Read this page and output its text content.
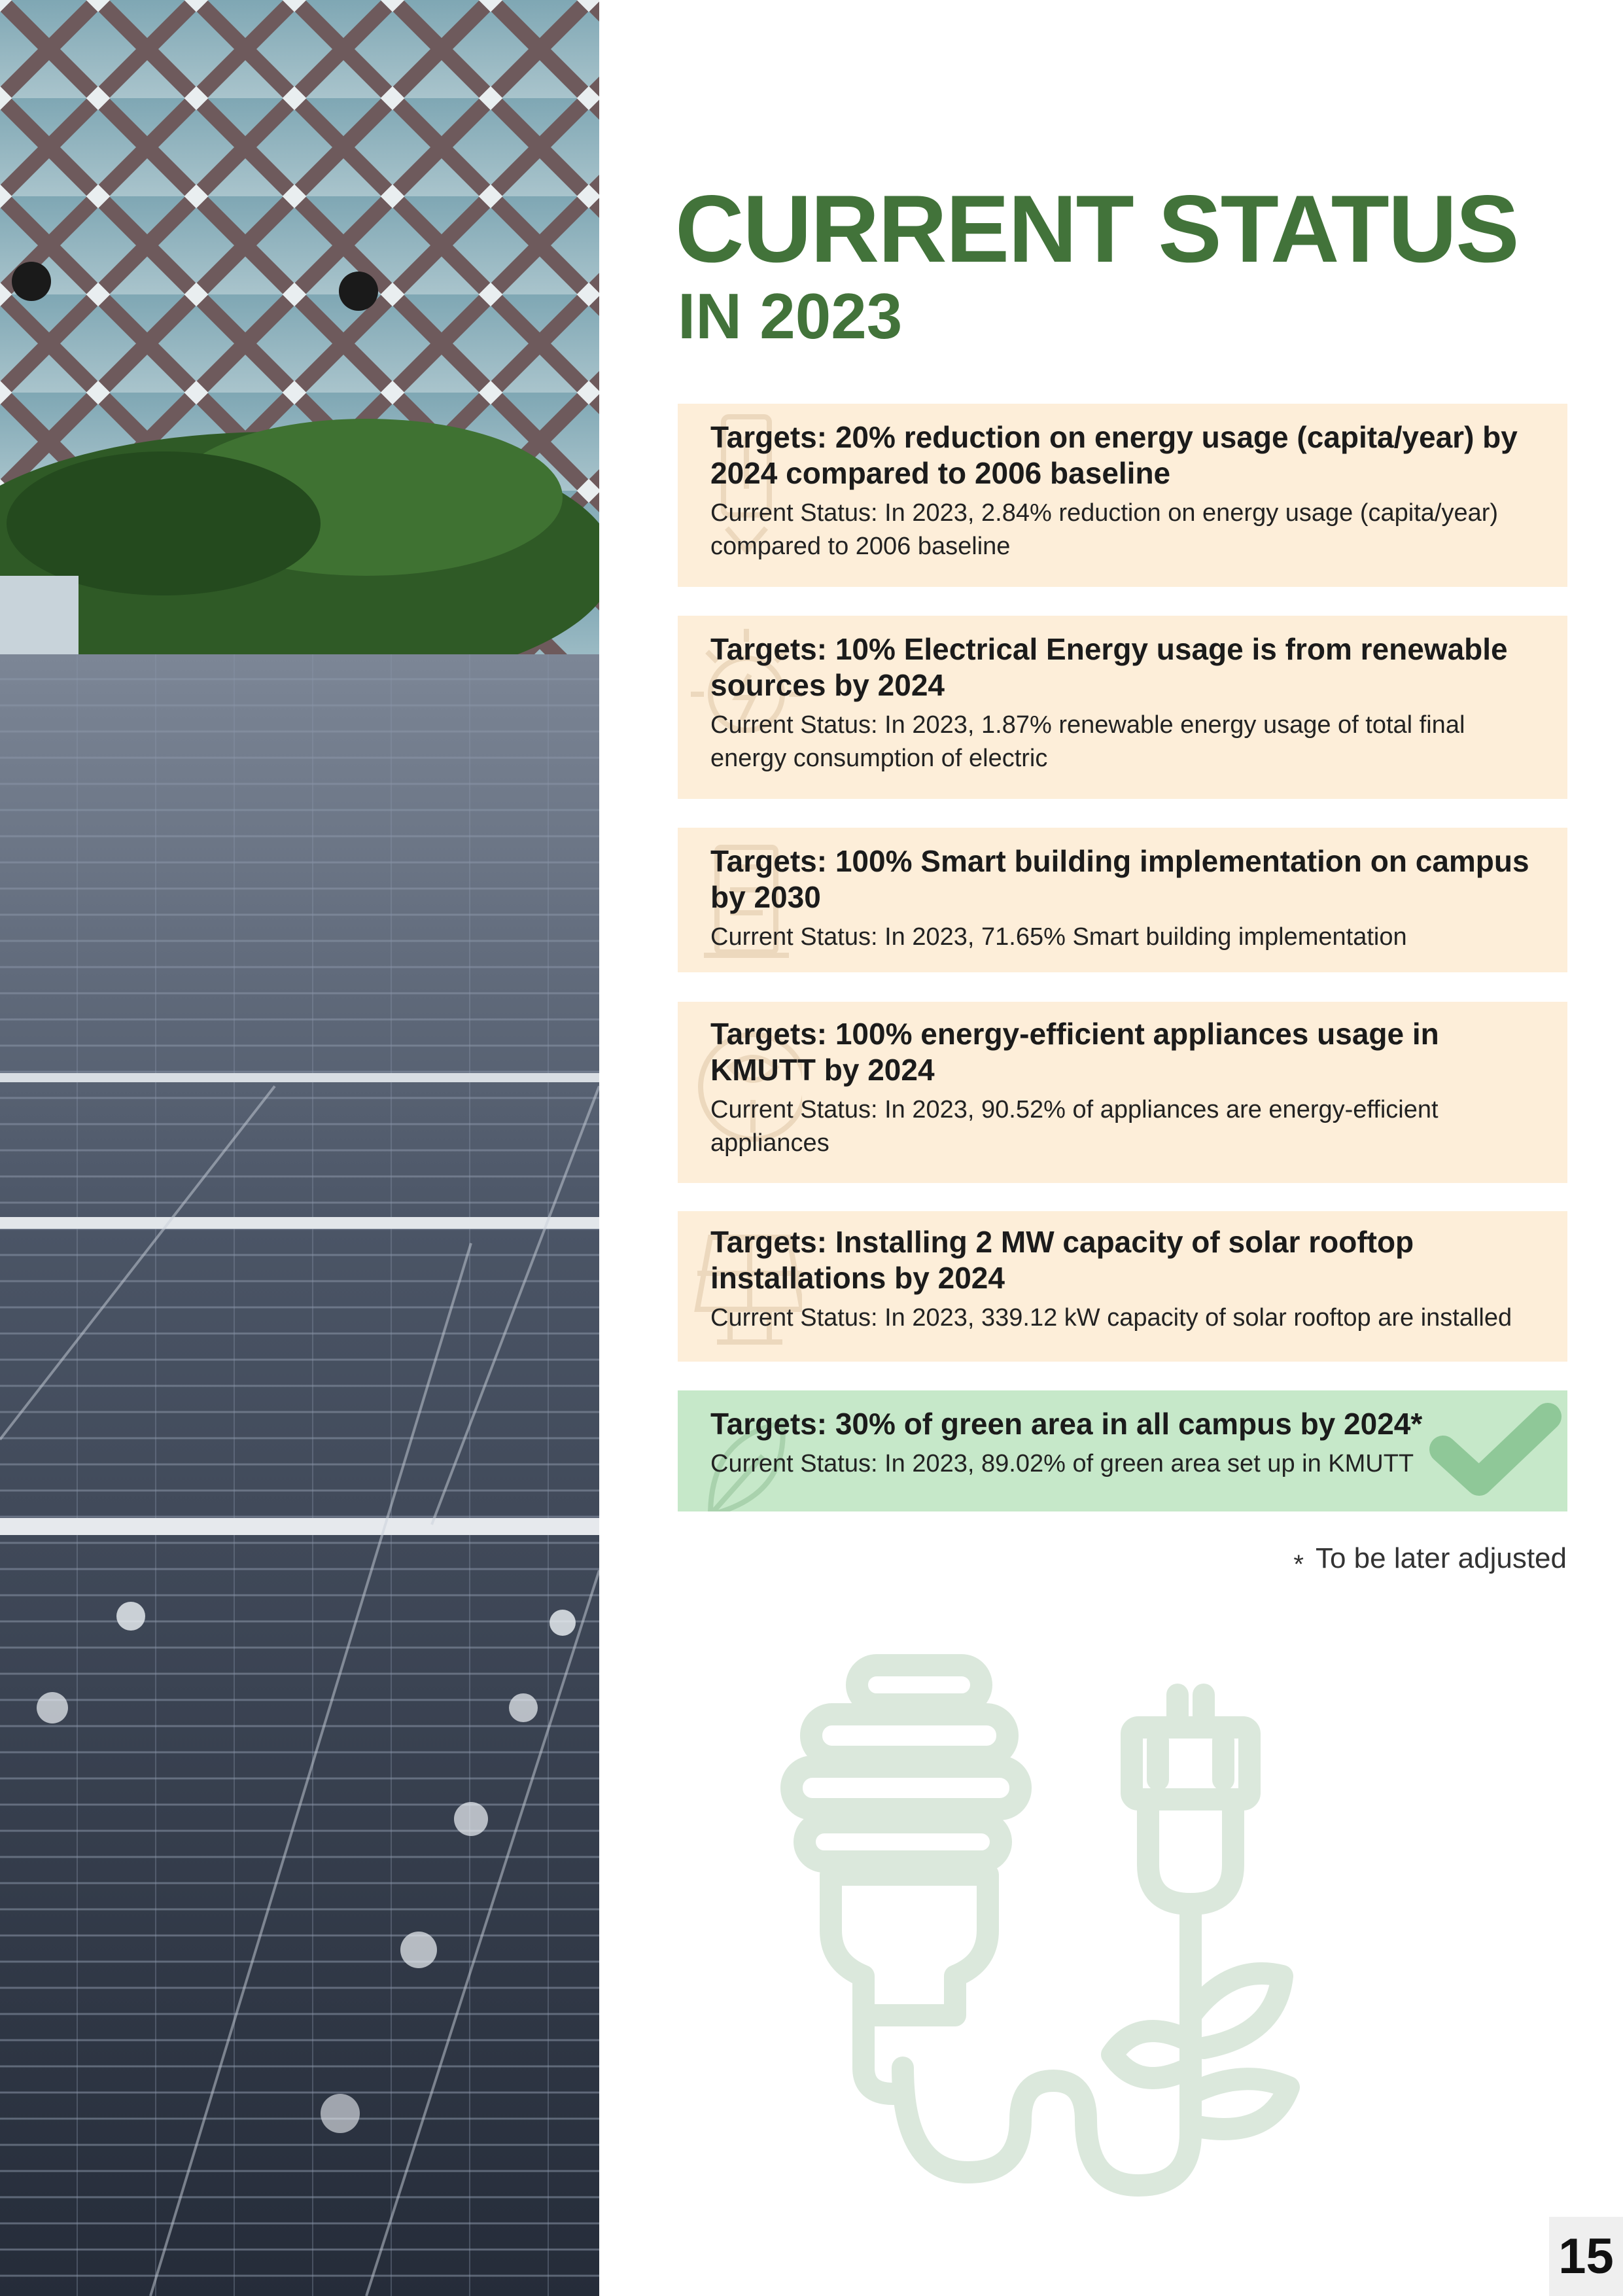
CURRENT STATUS
IN 2023
Targets: 20% reduction on energy usage (capita/year) by 2024 compared to 2006 baseline
Current Status: In 2023, 2.84% reduction on energy usage (capita/year) compared to 2006 baseline
Targets: 10% Electrical Energy usage is from renewable sources by 2024
Current Status: In 2023, 1.87% renewable energy usage of total final energy consumption of electric
Targets: 100% Smart building implementation on campus by 2030
Current Status: In 2023, 71.65% Smart building implementation
Targets: 100% energy-efficient appliances usage in KMUTT by 2024
Current Status: In 2023, 90.52% of appliances are energy-efficient appliances
Targets: Installing 2 MW capacity of solar rooftop installations by 2024
Current Status: In 2023, 339.12 kW capacity of solar rooftop are installed
Targets: 30% of green area in all campus by 2024*
Current Status: In 2023, 89.02% of green area set up in KMUTT
* To be later adjusted
15
